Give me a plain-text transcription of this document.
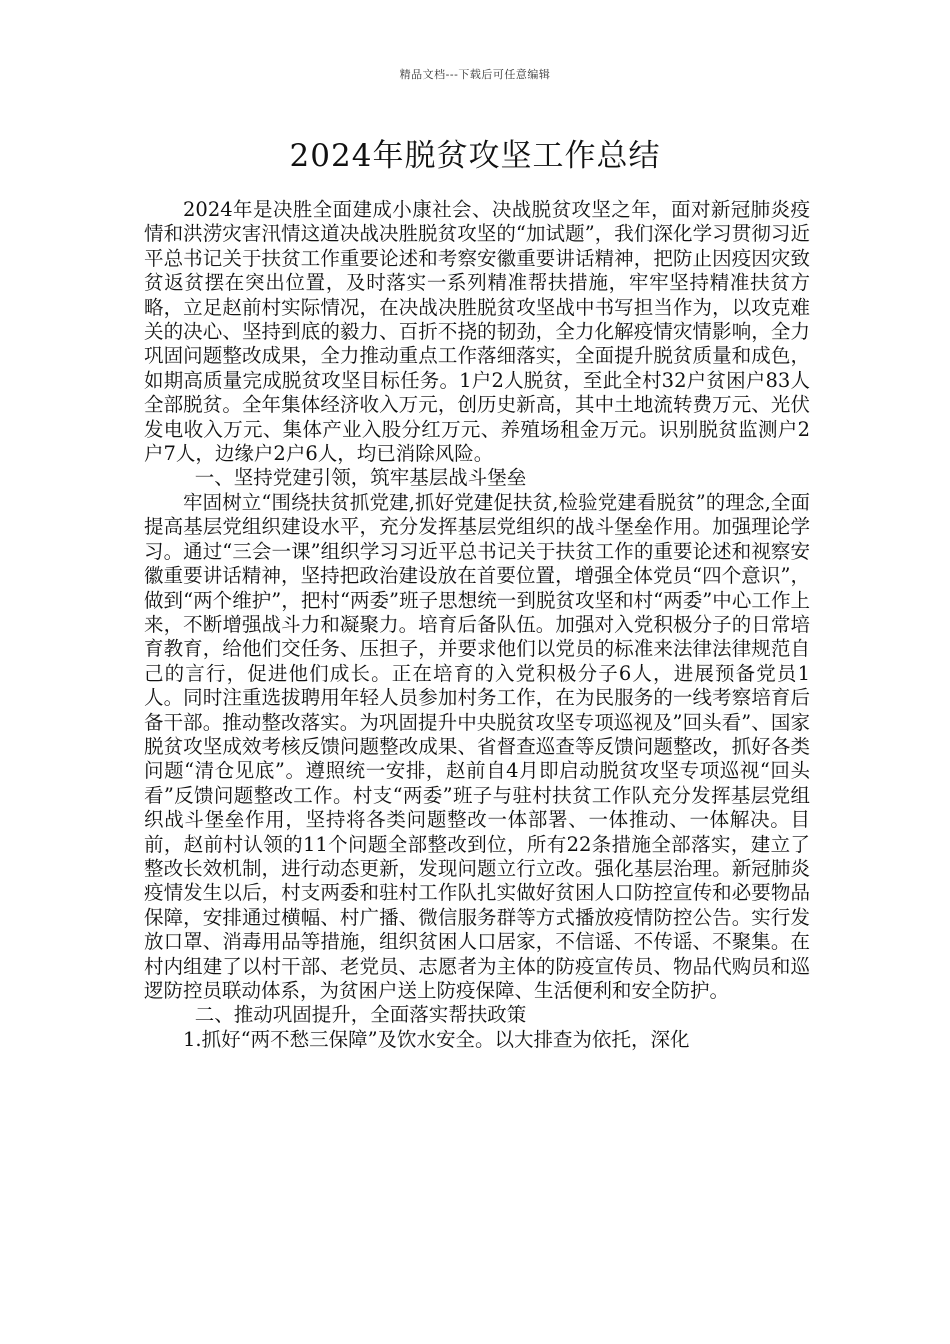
精品文档---下载后可任意编辑
2024年脱贫攻坚工作总结

2024年是决胜全面建成小康社会、决战脱贫攻坚之年，面对新冠肺炎疫情和洪涝灾害汛情这道决战决胜脱贫攻坚的“加试题”，我们深化学习贯彻习近平总书记关于扶贫工作重要论述和考察安徽重要讲话精神，把防止因疫因灾致贫返贫摆在突出位置，及时落实一系列精准帮扶措施，牢牢坚持精准扶贫方略，立足赵前村实际情况，在决战决胜脱贫攻坚战中书写担当作为，以攻克难关的决心、坚持到底的毅力、百折不挠的韧劲，全力化解疫情灾情影响，全力巩固问题整改成果，全力推动重点工作落细落实，全面提升脱贫质量和成色，如期高质量完成脱贫攻坚目标任务。1户2人脱贫，至此全村32户贫困户83人全部脱贫。全年集体经济收入万元，创历史新高，其中土地流转费万元、光伏发电收入万元、集体产业入股分红万元、养殖场租金万元。识别脱贫监测户2户7人，边缘户2户6人，均已消除风险。

一、坚持党建引领，筑牢基层战斗堡垒

牢固树立“围绕扶贫抓党建,抓好党建促扶贫,检验党建看脱贫”的理念,全面提高基层党组织建设水平，充分发挥基层党组织的战斗堡垒作用。加强理论学习。通过“三会一课”组织学习习近平总书记关于扶贫工作的重要论述和视察安徽重要讲话精神，坚持把政治建设放在首要位置，增强全体党员“四个意识”，做到“两个维护”，把村“两委”班子思想统一到脱贫攻坚和村“两委”中心工作上来，不断增强战斗力和凝聚力。培育后备队伍。加强对入党积极分子的日常培育教育，给他们交任务、压担子，并要求他们以党员的标准来法律法律规范自己的言行，促进他们成长。正在培育的入党积极分子6人，进展预备党员1人。同时注重选拔聘用年轻人员参加村务工作，在为民服务的一线考察培育后备干部。推动整改落实。为巩固提升中央脱贫攻坚专项巡视及”回头看”、国家脱贫攻坚成效考核反馈问题整改成果、省督查巡查等反馈问题整改，抓好各类问题“清仓见底”。遵照统一安排，赵前自4月即启动脱贫攻坚专项巡视“回头看”反馈问题整改工作。村支“两委”班子与驻村扶贫工作队充分发挥基层党组织战斗堡垒作用，坚持将各类问题整改一体部署、一体推动、一体解决。目前，赵前村认领的11个问题全部整改到位，所有22条措施全部落实，建立了整改长效机制，进行动态更新，发现问题立行立改。强化基层治理。新冠肺炎疫情发生以后，村支两委和驻村工作队扎实做好贫困人口防控宣传和必要物品保障，安排通过横幅、村广播、微信服务群等方式播放疫情防控公告。实行发放口罩、消毒用品等措施，组织贫困人口居家，不信谣、不传谣、不聚集。在村内组建了以村干部、老党员、志愿者为主体的防疫宣传员、物品代购员和巡逻防控员联动体系，为贫困户送上防疫保障、生活便利和安全防护。

二、推动巩固提升，全面落实帮扶政策

1.抓好“两不愁三保障”及饮水安全。以大排查为依托，深化
